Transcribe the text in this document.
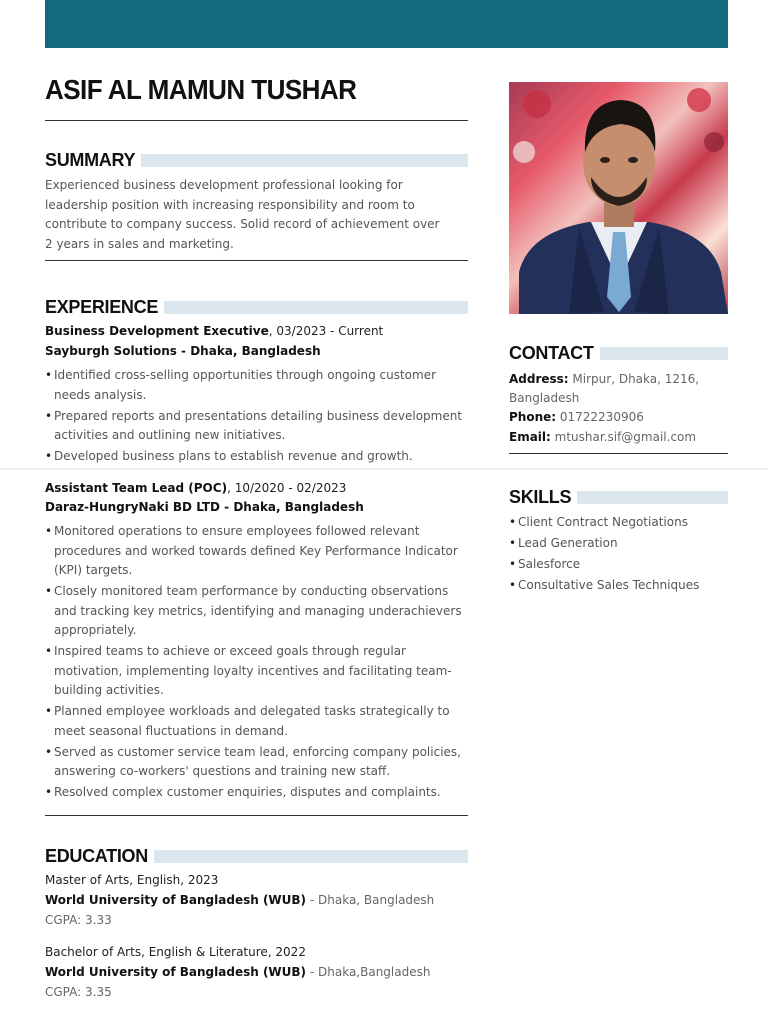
ASIF AL MAMUN TUSHAR
SUMMARY
Experienced business development professional looking for leadership position with increasing responsibility and room to contribute to company success. Solid record of achievement over 2 years in sales and marketing.
EXPERIENCE
Business Development Executive, 03/2023 - Current
Sayburgh Solutions - Dhaka, Bangladesh
• Identified cross-selling opportunities through ongoing customer needs analysis.
• Prepared reports and presentations detailing business development activities and outlining new initiatives.
• Developed business plans to establish revenue and growth.
Assistant Team Lead (POC), 10/2020 - 02/2023
Daraz-HungryNaki BD LTD - Dhaka, Bangladesh
• Monitored operations to ensure employees followed relevant procedures and worked towards defined Key Performance Indicator (KPI) targets.
• Closely monitored team performance by conducting observations and tracking key metrics, identifying and managing underachievers appropriately.
• Inspired teams to achieve or exceed goals through regular motivation, implementing loyalty incentives and facilitating team-building activities.
• Planned employee workloads and delegated tasks strategically to meet seasonal fluctuations in demand.
• Served as customer service team lead, enforcing company policies, answering co-workers' questions and training new staff.
• Resolved complex customer enquiries, disputes and complaints.
EDUCATION
Master of Arts, English, 2023
World University of Bangladesh (WUB) - Dhaka, Bangladesh
CGPA: 3.33
Bachelor of Arts, English & Literature, 2022
World University of Bangladesh (WUB) - Dhaka,Bangladesh
CGPA: 3.35
CONTACT
Address: Mirpur, Dhaka, 1216,
Bangladesh
Phone: 01722230906
Email: mtushar.sif@gmail.com
SKILLS
• Client Contract Negotiations
• Lead Generation
• Salesforce
• Consultative Sales Techniques
